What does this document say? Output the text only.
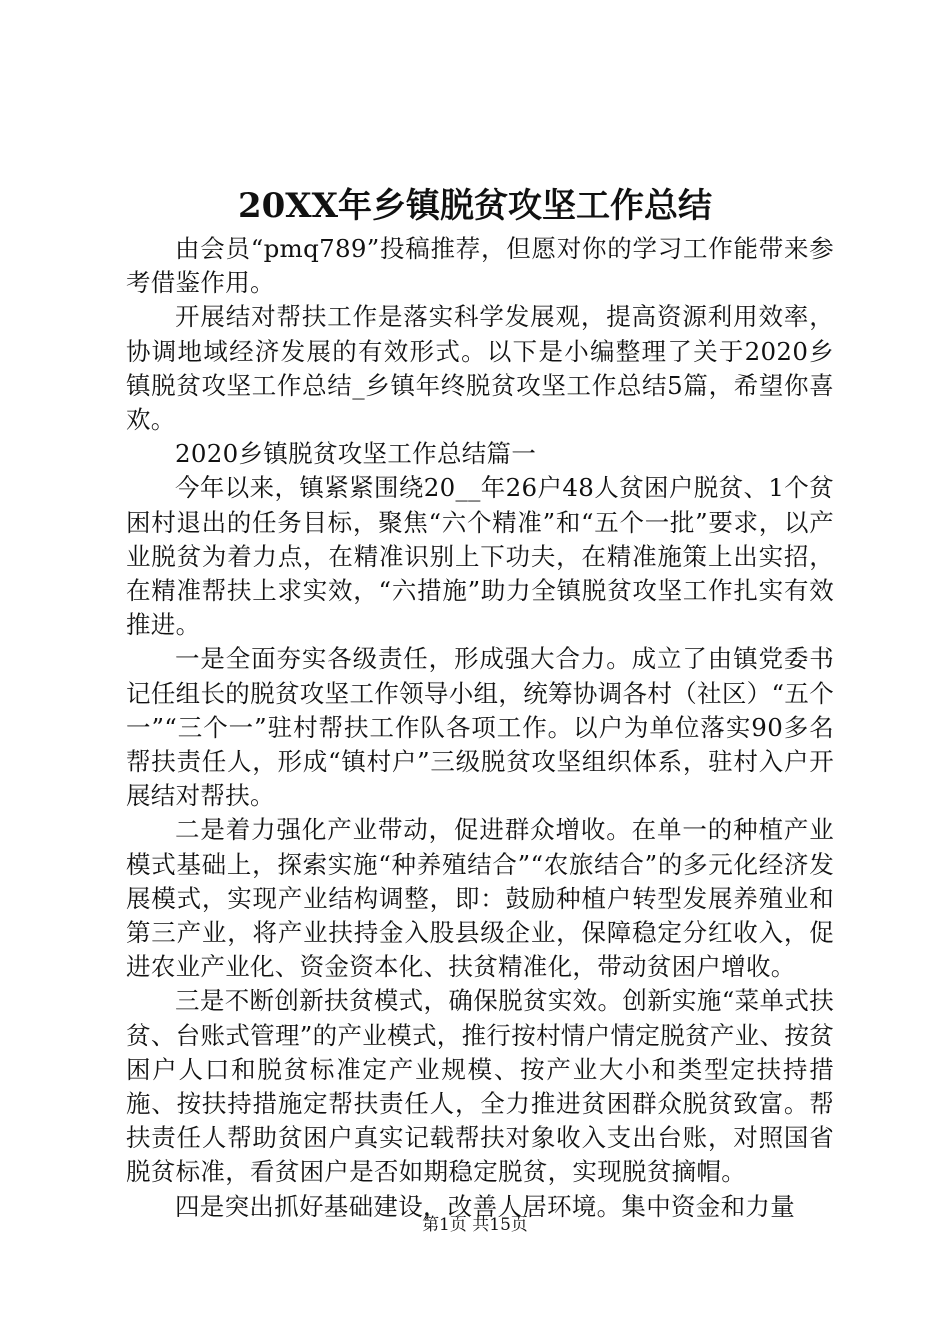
20XX年乡镇脱贫攻坚工作总结

由会员“pmq789”投稿推荐，但愿对你的学习工作能带来参考借鉴作用。

开展结对帮扶工作是落实科学发展观，提高资源利用效率，协调地域经济发展的有效形式。以下是小编整理了关于2020乡镇脱贫攻坚工作总结_乡镇年终脱贫攻坚工作总结5篇，希望你喜欢。

2020乡镇脱贫攻坚工作总结篇一

今年以来，镇紧紧围绕20__年26户48人贫困户脱贫、1个贫困村退出的任务目标，聚焦“六个精准”和“五个一批”要求，以产业脱贫为着力点，在精准识别上下功夫，在精准施策上出实招，在精准帮扶上求实效，“六措施”助力全镇脱贫攻坚工作扎实有效推进。

一是全面夯实各级责任，形成强大合力。成立了由镇党委书记任组长的脱贫攻坚工作领导小组，统筹协调各村（社区）“五个一”“三个一”驻村帮扶工作队各项工作。以户为单位落实90多名帮扶责任人，形成“镇村户”三级脱贫攻坚组织体系，驻村入户开展结对帮扶。

二是着力强化产业带动，促进群众增收。在单一的种植产业模式基础上，探索实施“种养殖结合”“农旅结合”的多元化经济发展模式，实现产业结构调整，即：鼓励种植户转型发展养殖业和第三产业，将产业扶持金入股县级企业，保障稳定分红收入，促进农业产业化、资金资本化、扶贫精准化，带动贫困户增收。

三是不断创新扶贫模式，确保脱贫实效。创新实施“菜单式扶贫、台账式管理”的产业模式，推行按村情户情定脱贫产业、按贫困户人口和脱贫标准定产业规模、按产业大小和类型定扶持措施、按扶持措施定帮扶责任人，全力推进贫困群众脱贫致富。帮扶责任人帮助贫困户真实记载帮扶对象收入支出台账，对照国省脱贫标准，看贫困户是否如期稳定脱贫，实现脱贫摘帽。

四是突出抓好基础建设，改善人居环境。集中资金和力量

第1页 共15页
